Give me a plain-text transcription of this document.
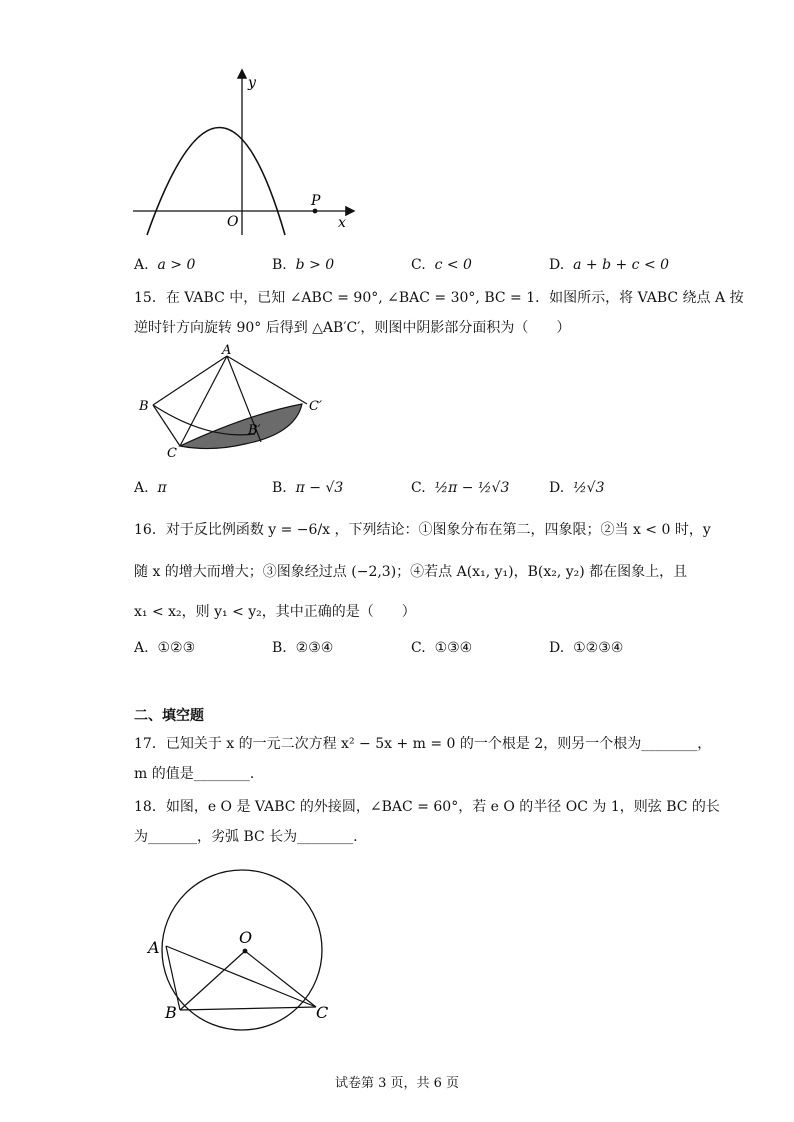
y
x
O
P
A. a > 0	B. b > 0	C. c < 0	D. a + b + c < 0
15．在 VABC 中，已知 ∠ABC = 90°, ∠BAC = 30°, BC = 1．如图所示，将 VABC 绕点 A 按
逆时针方向旋转 90° 后得到 △AB′C′，则图中阴影部分面积为（　　）
A
B
C
B′
C′
A. π	B. π − √3	C. ½π − ½√3	D. ½√3
16．对于反比例函数 y = −6/x ，下列结论：①图象分布在第二，四象限；②当 x < 0 时，y
随 x 的增大而增大；③图象经过点 (−2,3)；④若点 A(x₁, y₁)，B(x₂, y₂) 都在图象上，且
x₁ < x₂，则 y₁ < y₂，其中正确的是（　　）
A. ①②③	B. ②③④	C. ①③④	D. ①②③④
二、填空题
17．已知关于 x 的一元二次方程 x² − 5x + m = 0 的一个根是 2，则另一个根为________，
m 的值是________.
18．如图，e O 是 VABC 的外接圆，∠BAC = 60°，若 e O 的半径 OC 为 1，则弦 BC 的长
为_______，劣弧 BC 长为________.
O
A
B	C
试卷第 3 页，共 6 页
